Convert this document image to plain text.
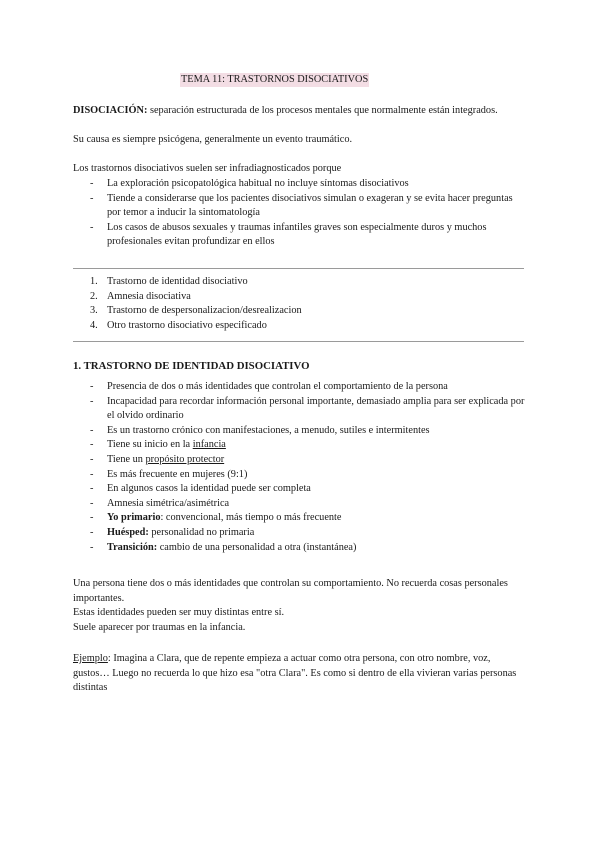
TEMA 11: TRASTORNOS DISOCIATIVOS

DISOCIACIÓN: separación estructurada de los procesos mentales que normalmente están integrados.

Su causa es siempre psicógena, generalmente un evento traumático.

Los trastornos disociativos suelen ser infradiagnosticados porque

- La exploración psicopatológica habitual no incluye síntomas disociativos
- Tiende a considerarse que los pacientes disociativos simulan o exageran y se evita hacer preguntas por temor a inducir la sintomatología
- Los casos de abusos sexuales y traumas infantiles graves son especialmente duros y muchos profesionales evitan profundizar en ellos
1. Trastorno de identidad disociativo
2. Amnesia disociativa
3. Trastorno de despersonalizacion/desrealizacion
4. Otro trastorno disociativo especificado
1. TRASTORNO DE IDENTIDAD DISOCIATIVO
- Presencia de dos o más identidades que controlan el comportamiento de la persona
- Incapacidad para recordar información personal importante, demasiado amplia para ser explicada por el olvido ordinario
- Es un trastorno crónico con manifestaciones, a menudo, sutiles e intermitentes
- Tiene su inicio en la infancia
- Tiene un propósito protector
- Es más frecuente en mujeres (9:1)
- En algunos casos la identidad puede ser completa
- Amnesia simétrica/asimétrica
- Yo primario: convencional, más tiempo o más frecuente
- Huésped: personalidad no primaria
- Transición: cambio de una personalidad a otra (instantánea)

Una persona tiene dos o más identidades que controlan su comportamiento. No recuerda cosas personales importantes.

Estas identidades pueden ser muy distintas entre sí.

Suele aparecer por traumas en la infancia.

Ejemplo: Imagina a Clara, que de repente empieza a actuar como otra persona, con otro nombre, voz, gustos… Luego no recuerda lo que hizo esa "otra Clara". Es como si dentro de ella vivieran varias personas distintas
